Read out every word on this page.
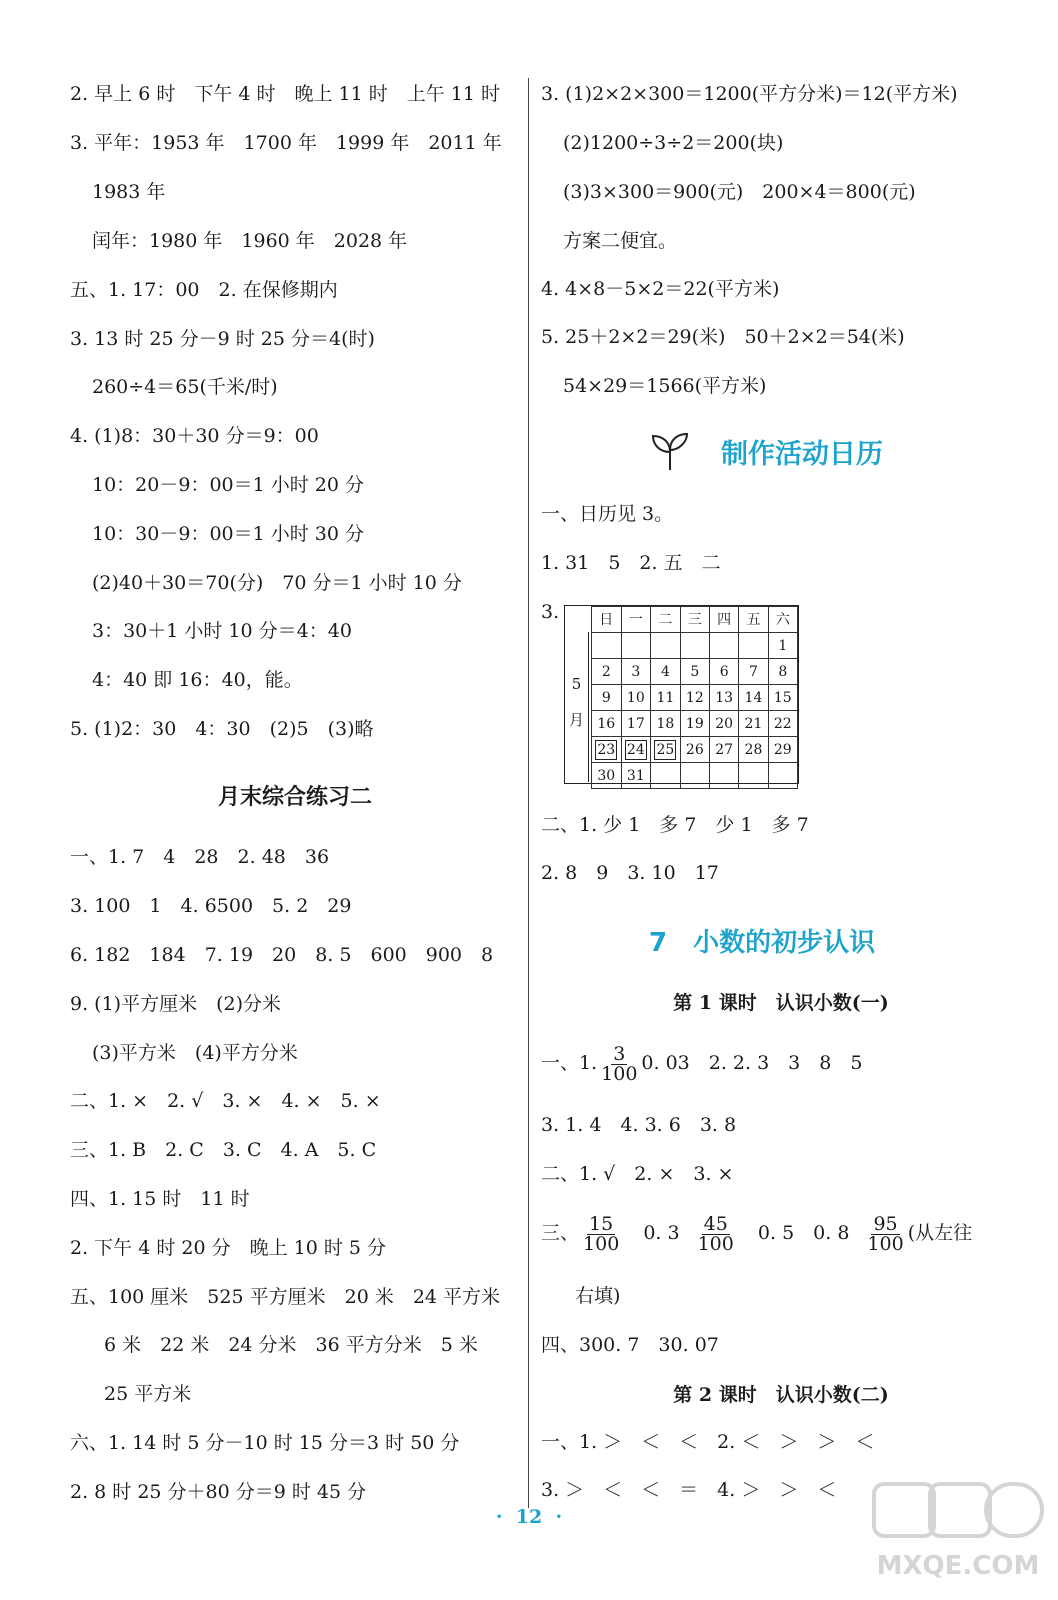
2. 早上 6 时　下午 4 时　晚上 11 时　上午 11 时
3. 平年：1953 年　1700 年　1999 年　2011 年
1983 年
闰年：1980 年　1960 年　2028 年
五、1. 17：00　2. 在保修期内
3. 13 时 25 分－9 时 25 分＝4(时)
260÷4＝65(千米/时)
4. (1)8：30＋30 分＝9：00
10：20－9：00＝1 小时 20 分
10：30－9：00＝1 小时 30 分
(2)40＋30＝70(分)　70 分＝1 小时 10 分
3：30＋1 小时 10 分＝4：40
4：40 即 16：40，能。
5. (1)2：30　4：30　(2)5　(3)略
月末综合练习二
一、1. 7　4　28　2. 48　36
3. 100　1　4. 6500　5. 2　29
6. 182　184　7. 19　20　8. 5　600　900　8
9. (1)平方厘米　(2)分米
(3)平方米　(4)平方分米
二、1. ×　2. √　3. ×　4. ×　5. ×
三、1. B　2. C　3. C　4. A　5. C
四、1. 15 时　11 时
2. 下午 4 时 20 分　晚上 10 时 5 分
五、100 厘米　525 平方厘米　20 米　24 平方米
6 米　22 米　24 分米　36 平方分米　5 米
25 平方米
六、1. 14 时 5 分－10 时 15 分＝3 时 50 分
2. 8 时 25 分＋80 分＝9 时 45 分
3. (1)2×2×300＝1200(平方分米)＝12(平方米)
(2)1200÷3÷2＝200(块)
(3)3×300＝900(元)　200×4＝800(元)
方案二便宜。
4. 4×8－5×2＝22(平方米)
5. 25＋2×2＝29(米)　50＋2×2＝54(米)
54×29＝1566(平方米)
制作活动日历
一、日历见 3。
1. 31　5　2. 五　二
3.
二、1. 少 1　多 7　少 1　多 7
2. 8　9　3. 10　17
7　小数的初步认识
第 1 课时　认识小数(一)
一、1. $\frac{3}{100} 0$. 03　2. 2. 3　3　8　5
3. 1. 4　4. 3. 6　3. 8
二、1. √　2. ×　3. ×
三、 $\frac{15}{100} 0$. $3 \frac{45}{100} 0$. 5　0. $8 \frac{95}{100}$ (从左往
右填)
四、300. 7　30. 07
第 2 课时　认识小数(二)
一、1. ＞　＜　＜　2. ＜　＞　＞　＜
3. ＞　＜　＜　＝　4. ＞　＞　＜
5
月
日	一	二	三	四	五	六
						1
2	3	4	5	6	7	8
9	10	11	12	13	14	15
16	17	18	19	20	21	22
23	24	25	26	27	28	29
30	31					
·  12  ·
MXQE.COM
